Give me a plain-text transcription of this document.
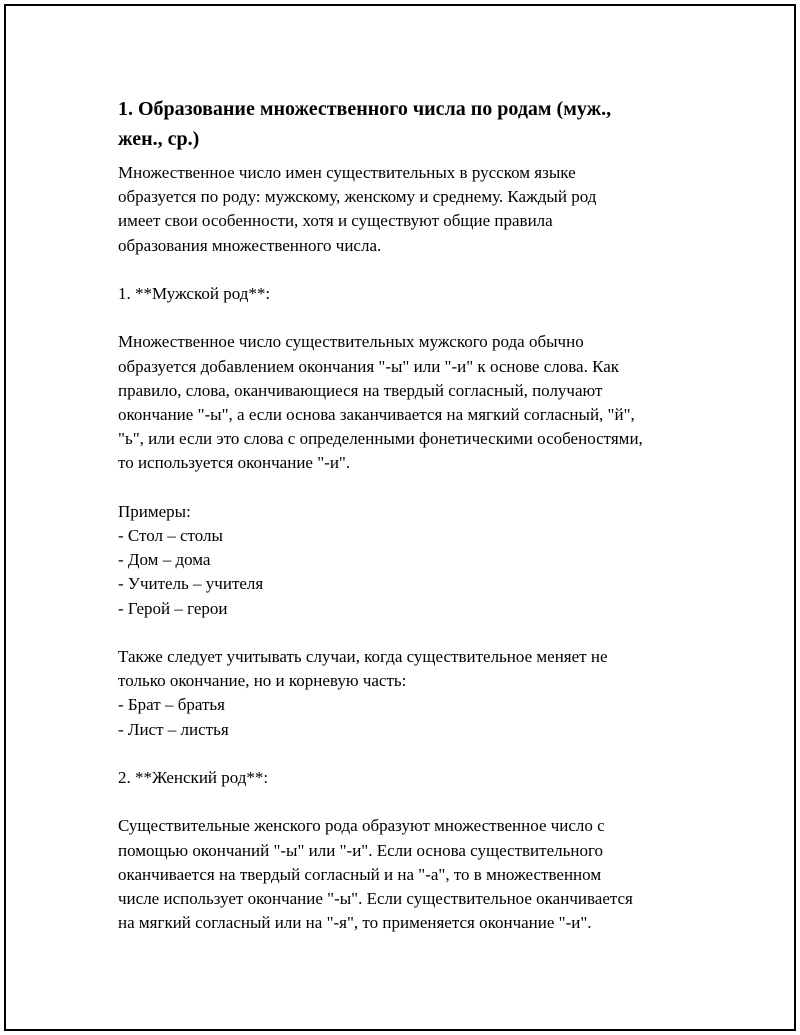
1. Образование множественного числа по родам (муж.,
жен., ср.)

Множественное число имен существительных в русском языке

образуется по роду: мужскому, женскому и среднему. Каждый род

имеет свои особенности, хотя и существуют общие правила

образования множественного числа.

1. **Мужской род**:

Множественное число существительных мужского рода обычно

образуется добавлением окончания "-ы" или "-и" к основе слова. Как

правило, слова, оканчивающиеся на твердый согласный, получают

окончание "-ы", а если основа заканчивается на мягкий согласный, "й",

"ь", или если это слова с определенными фонетическими особеностями,

то используется окончание "-и".

Примеры:

- Стол – столы

- Дом – дома

- Учитель – учителя

- Герой – герои

Также следует учитывать случаи, когда существительное меняет не

только окончание, но и корневую часть:

- Брат – братья

- Лист – листья

2. **Женский род**:

Существительные женского рода образуют множественное число с

помощью окончаний "-ы" или "-и". Если основа существительного

оканчивается на твердый согласный и на "-а", то в множественном

числе использует окончание "-ы". Если существительное оканчивается

на мягкий согласный или на "-я", то применяется окончание "-и".
